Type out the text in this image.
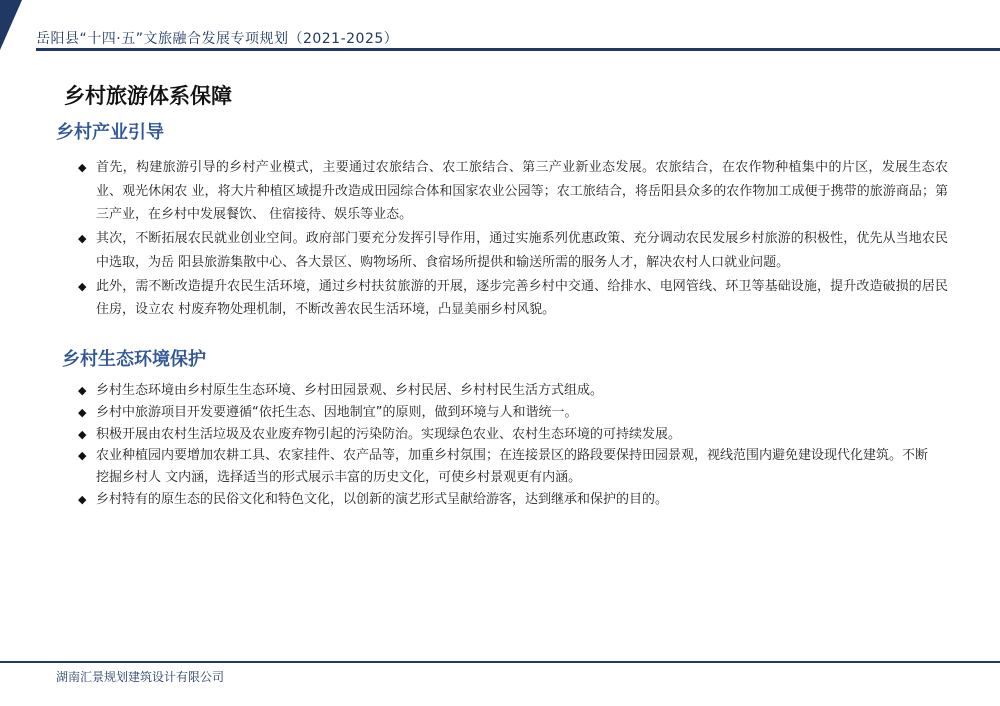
岳阳县“十四·五”文旅融合发展专项规划（2021-2025）
乡村旅游体系保障
乡村产业引导
◆ 首先，构建旅游引导的乡村产业模式，主要通过农旅结合、农工旅结合、第三产业新业态发展。农旅结合，在农作物种植集中的片区，发展生态农业、观光休闲农 业，将大片种植区域提升改造成田园综合体和国家农业公园等；农工旅结合，将岳阳县众多的农作物加工成便于携带的旅游商品；第三产业，在乡村中发展餐饮、 住宿接待、娱乐等业态。
◆ 其次，不断拓展农民就业创业空间。政府部门要充分发挥引导作用，通过实施系列优惠政策、充分调动农民发展乡村旅游的积极性，优先从当地农民中选取，为岳 阳县旅游集散中心、各大景区、购物场所、食宿场所提供和输送所需的服务人才，解决农村人口就业问题。
◆ 此外，需不断改造提升农民生活环境，通过乡村扶贫旅游的开展，逐步完善乡村中交通、给排水、电网管线、环卫等基础设施，提升改造破损的居民住房，设立农 村废弃物处理机制，不断改善农民生活环境，凸显美丽乡村风貌。
乡村生态环境保护
◆ 乡村生态环境由乡村原生生态环境、乡村田园景观、乡村民居、乡村村民生活方式组成。
◆ 乡村中旅游项目开发要遵循“依托生态、因地制宜”的原则，做到环境与人和谐统一。
◆ 积极开展由农村生活垃圾及农业废弃物引起的污染防治。实现绿色农业、农村生态环境的可持续发展。
◆ 农业种植园内要增加农耕工具、农家挂件、农产品等，加重乡村氛围；在连接景区的路段要保持田园景观，视线范围内避免建设现代化建筑。不断挖掘乡村人 文内涵，选择适当的形式展示丰富的历史文化，可使乡村景观更有内涵。
◆ 乡村特有的原生态的民俗文化和特色文化，以创新的演艺形式呈献给游客，达到继承和保护的目的。
湖南汇景规划建筑设计有限公司
